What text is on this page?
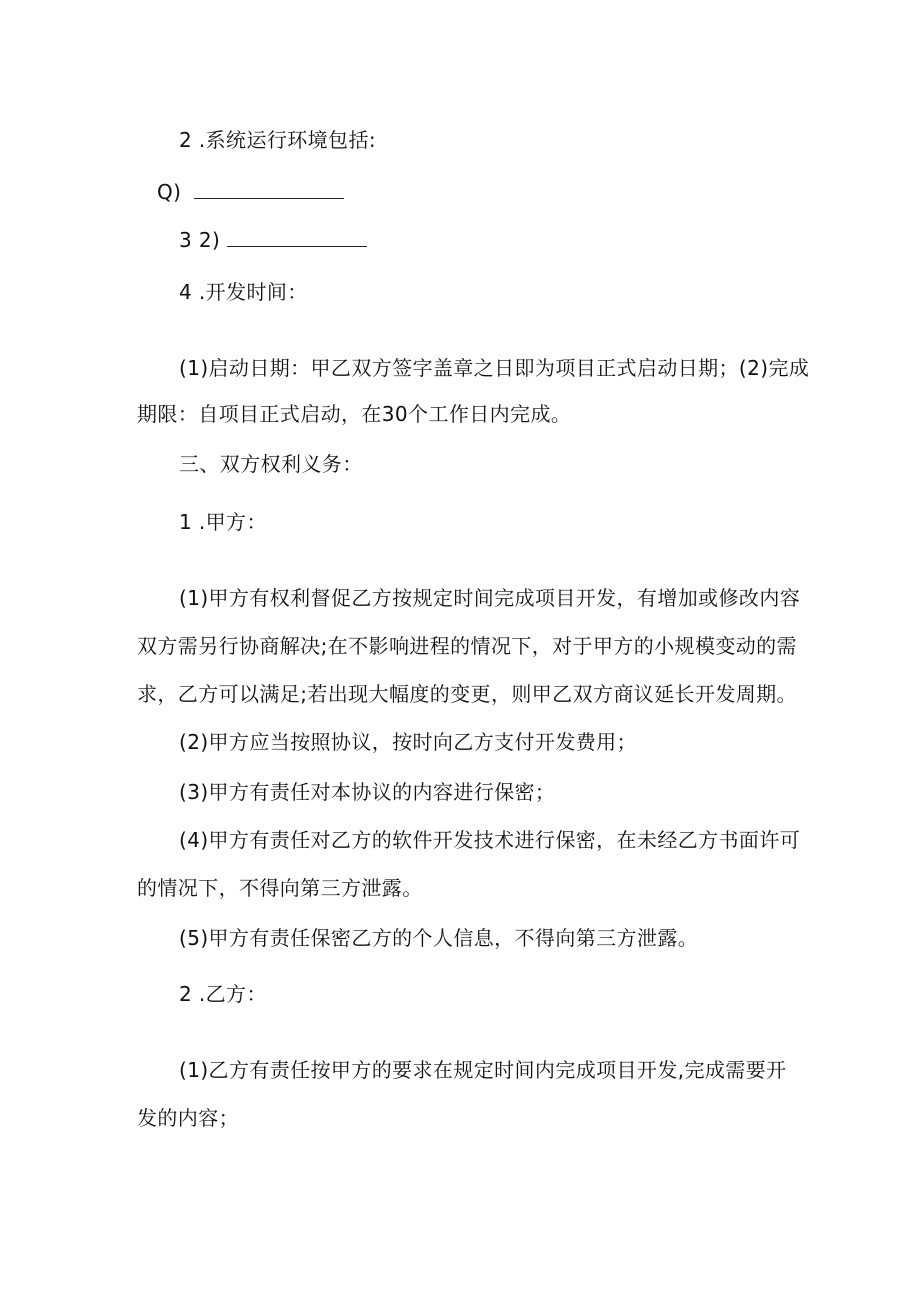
2 .系统运行环境包括:
Q)
3 2)
4 .开发时间：
(1)启动日期：甲乙双方签字盖章之日即为项目正式启动日期；(2)完成
期限：自项目正式启动，在30个工作日内完成。
三、双方权利义务：
1 .甲方：
(1)甲方有权利督促乙方按规定时间完成项目开发，有增加或修改内容
双方需另行协商解决;在不影响进程的情况下，对于甲方的小规模变动的需
求，乙方可以满足;若出现大幅度的变更，则甲乙双方商议延长开发周期。
(2)甲方应当按照协议，按时向乙方支付开发费用；
(3)甲方有责任对本协议的内容进行保密；
(4)甲方有责任对乙方的软件开发技术进行保密，在未经乙方书面许可
的情况下，不得向第三方泄露。
(5)甲方有责任保密乙方的个人信息，不得向第三方泄露。
2 .乙方：
(1)乙方有责任按甲方的要求在规定时间内完成项目开发,完成需要开
发的内容；
